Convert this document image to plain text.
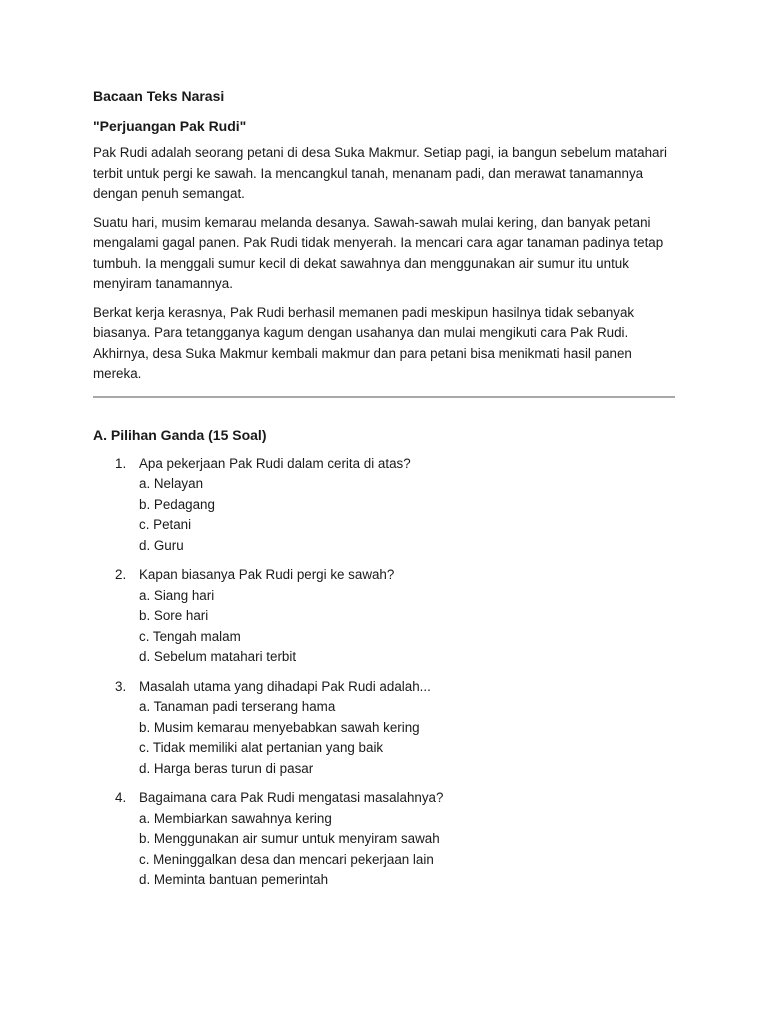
Bacaan Teks Narasi

"Perjuangan Pak Rudi"

Pak Rudi adalah seorang petani di desa Suka Makmur. Setiap pagi, ia bangun sebelum matahari terbit untuk pergi ke sawah. Ia mencangkul tanah, menanam padi, dan merawat tanamannya dengan penuh semangat.

Suatu hari, musim kemarau melanda desanya. Sawah-sawah mulai kering, dan banyak petani mengalami gagal panen. Pak Rudi tidak menyerah. Ia mencari cara agar tanaman padinya tetap tumbuh. Ia menggali sumur kecil di dekat sawahnya dan menggunakan air sumur itu untuk menyiram tanamannya.

Berkat kerja kerasnya, Pak Rudi berhasil memanen padi meskipun hasilnya tidak sebanyak biasanya. Para tetangganya kagum dengan usahanya dan mulai mengikuti cara Pak Rudi. Akhirnya, desa Suka Makmur kembali makmur dan para petani bisa menikmati hasil panen mereka.

A. Pilihan Ganda (15 Soal)

1. Apa pekerjaan Pak Rudi dalam cerita di atas?
a. Nelayan
b. Pedagang
c. Petani
d. Guru
2. Kapan biasanya Pak Rudi pergi ke sawah?
a. Siang hari
b. Sore hari
c. Tengah malam
d. Sebelum matahari terbit
3. Masalah utama yang dihadapi Pak Rudi adalah...
a. Tanaman padi terserang hama
b. Musim kemarau menyebabkan sawah kering
c. Tidak memiliki alat pertanian yang baik
d. Harga beras turun di pasar
4. Bagaimana cara Pak Rudi mengatasi masalahnya?
a. Membiarkan sawahnya kering
b. Menggunakan air sumur untuk menyiram sawah
c. Meninggalkan desa dan mencari pekerjaan lain
d. Meminta bantuan pemerintah
